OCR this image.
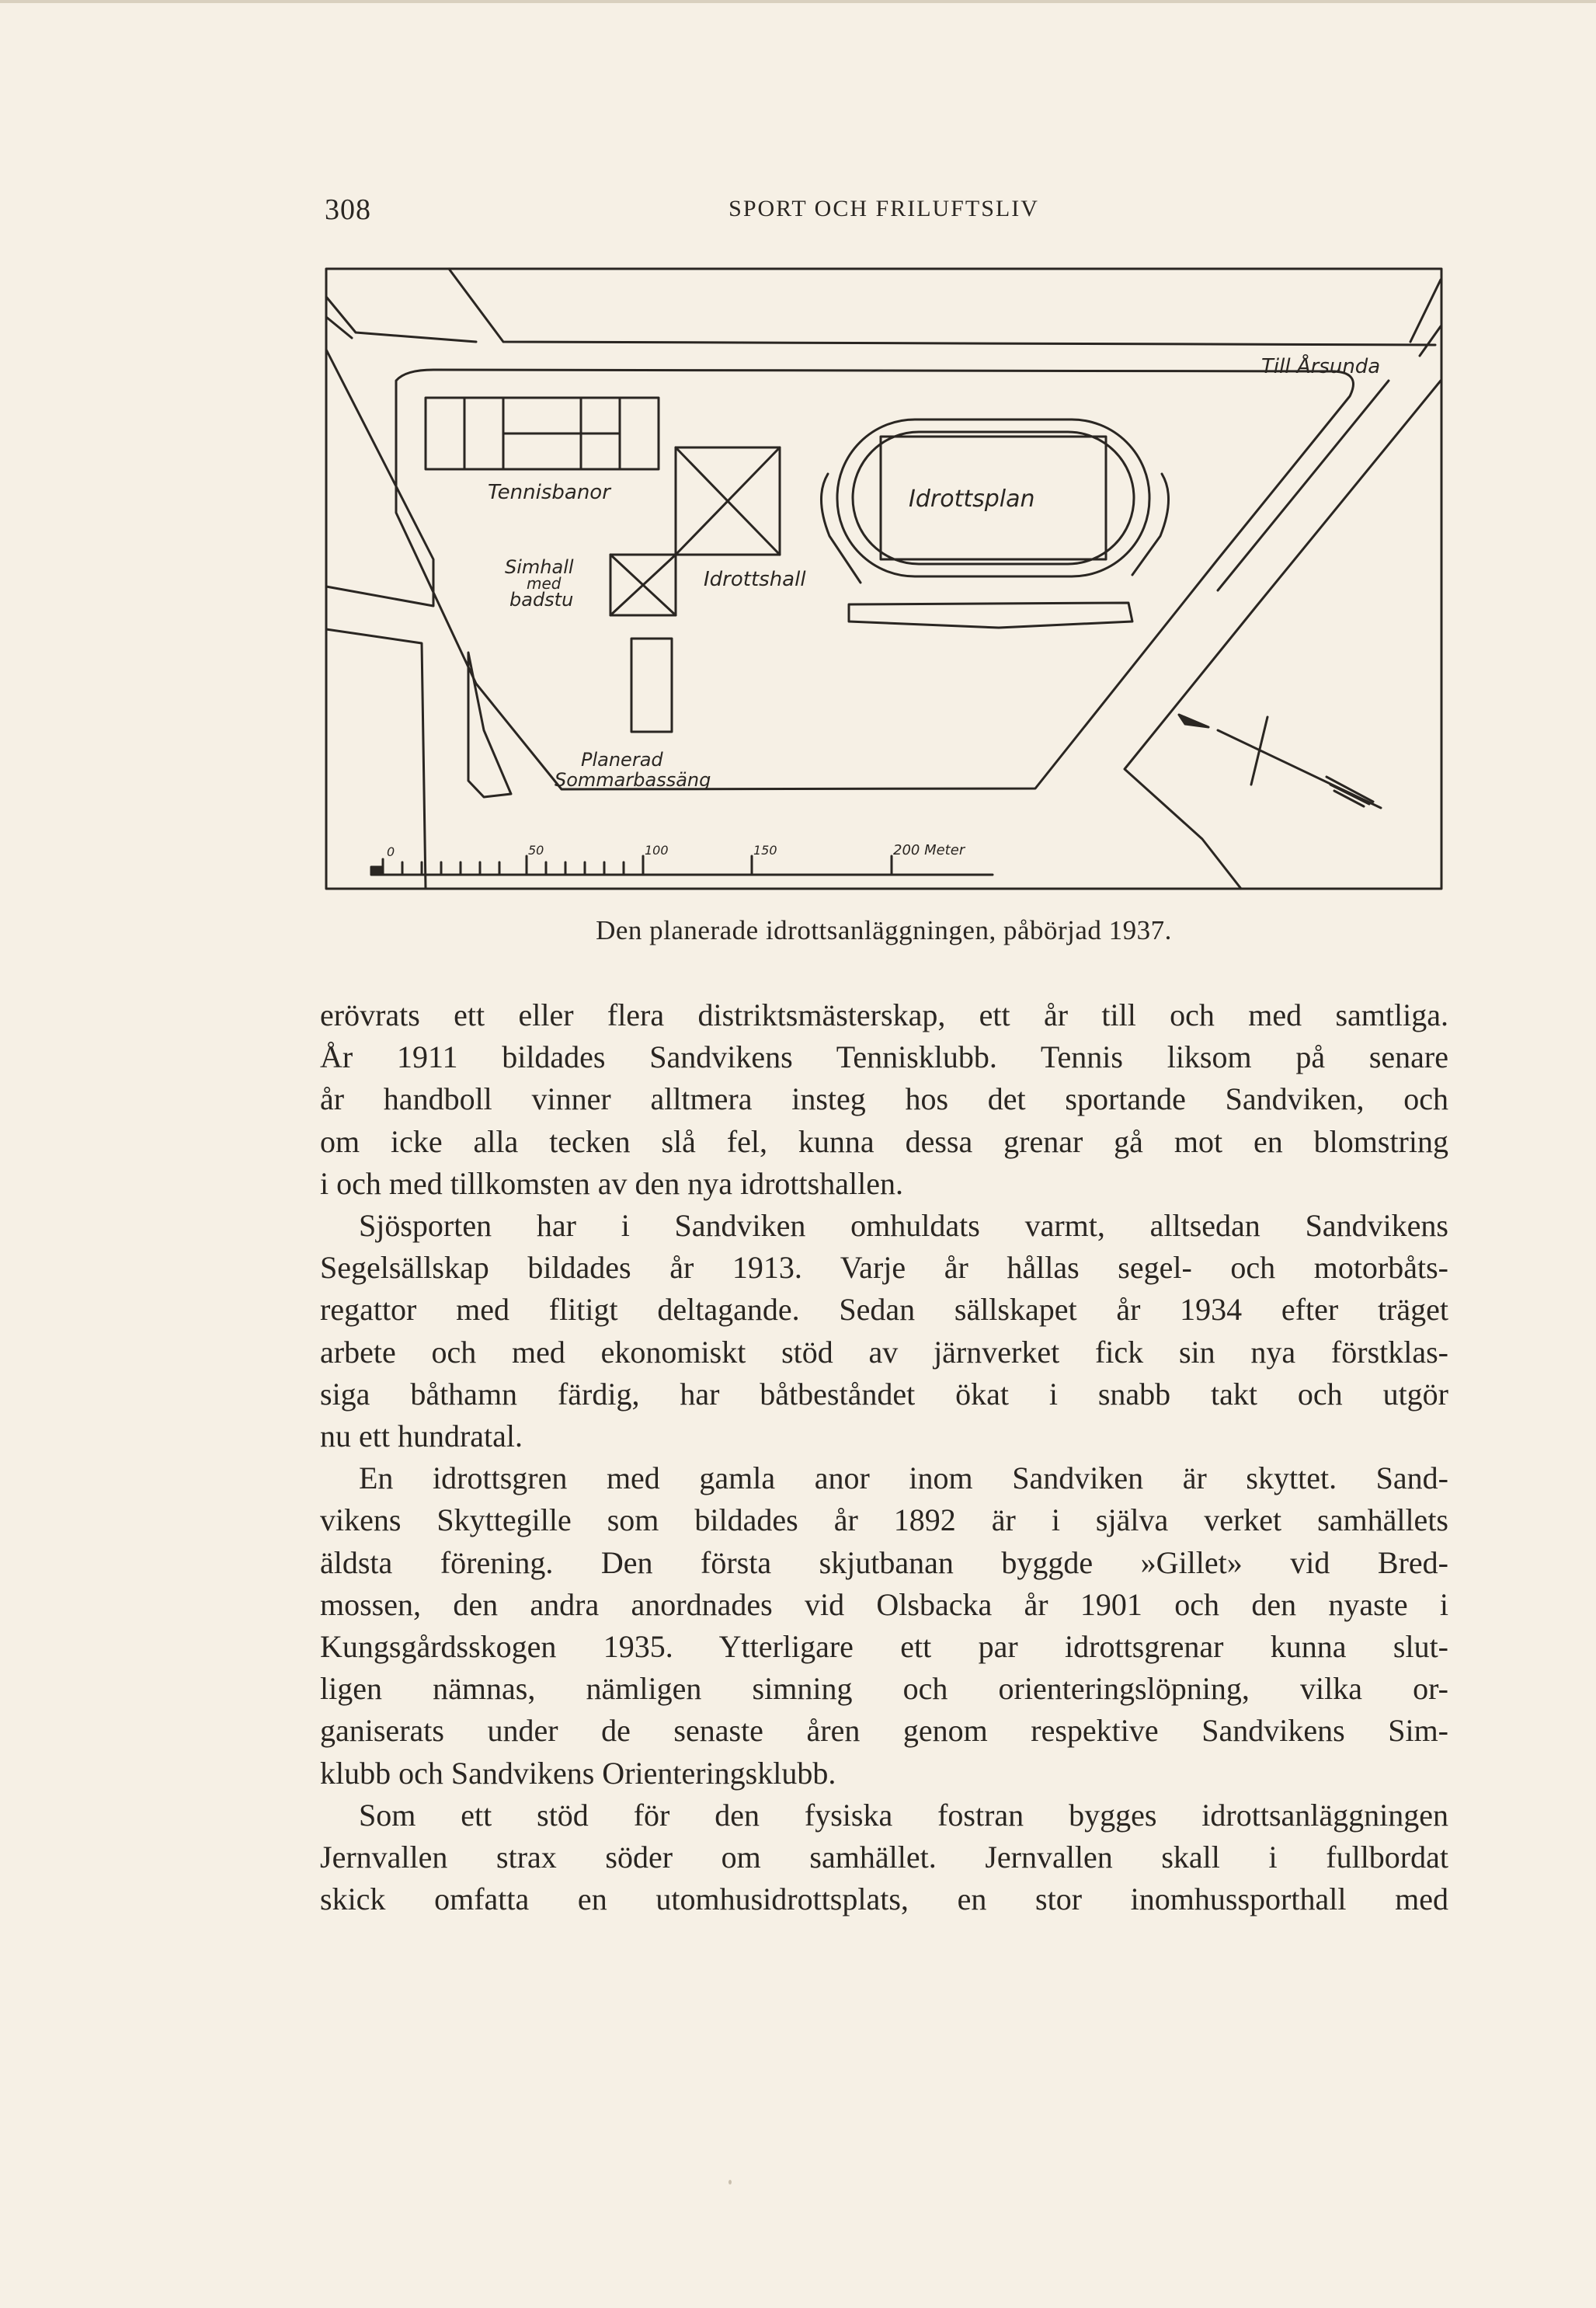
308	SPORT OCH FRILUFTSLIV
Tennisbanor
Simhall
med
badstu
Idrottshall
Idrottsplan
Planerad
Sommarbassäng
Till Årsunda
0	50	100	150	200 Meter
Den planerade idrottsanläggningen, påbörjad 1937.

erövrats ett eller flera distriktsmästerskap, ett år till och med samtliga.

År 1911 bildades Sandvikens Tennisklubb. Tennis liksom på senare

år handboll vinner alltmera insteg hos det sportande Sandviken, och

om icke alla tecken slå fel, kunna dessa grenar gå mot en blomstring

i och med tillkomsten av den nya idrottshallen.

Sjösporten har i Sandviken omhuldats varmt, alltsedan Sandvikens

Segelsällskap bildades år 1913. Varje år hållas segel- och motorbåts-

regattor med flitigt deltagande. Sedan sällskapet år 1934 efter träget

arbete och med ekonomiskt stöd av järnverket fick sin nya förstklas-

siga båthamn färdig, har båtbeståndet ökat i snabb takt och utgör

nu ett hundratal.

En idrottsgren med gamla anor inom Sandviken är skyttet. Sand-

vikens Skyttegille som bildades år 1892 är i själva verket samhällets

äldsta förening. Den första skjutbanan byggde »Gillet» vid Bred-

mossen, den andra anordnades vid Olsbacka år 1901 och den nyaste i

Kungsgårdsskogen 1935. Ytterligare ett par idrottsgrenar kunna slut-

ligen nämnas, nämligen simning och orienteringslöpning, vilka or-

ganiserats under de senaste åren genom respektive Sandvikens Sim-

klubb och Sandvikens Orienteringsklubb.

Som ett stöd för den fysiska fostran bygges idrottsanläggningen

Jernvallen strax söder om samhället. Jernvallen skall i fullbordat

skick omfatta en utomhusidrottsplats, en stor inomhussporthall med
